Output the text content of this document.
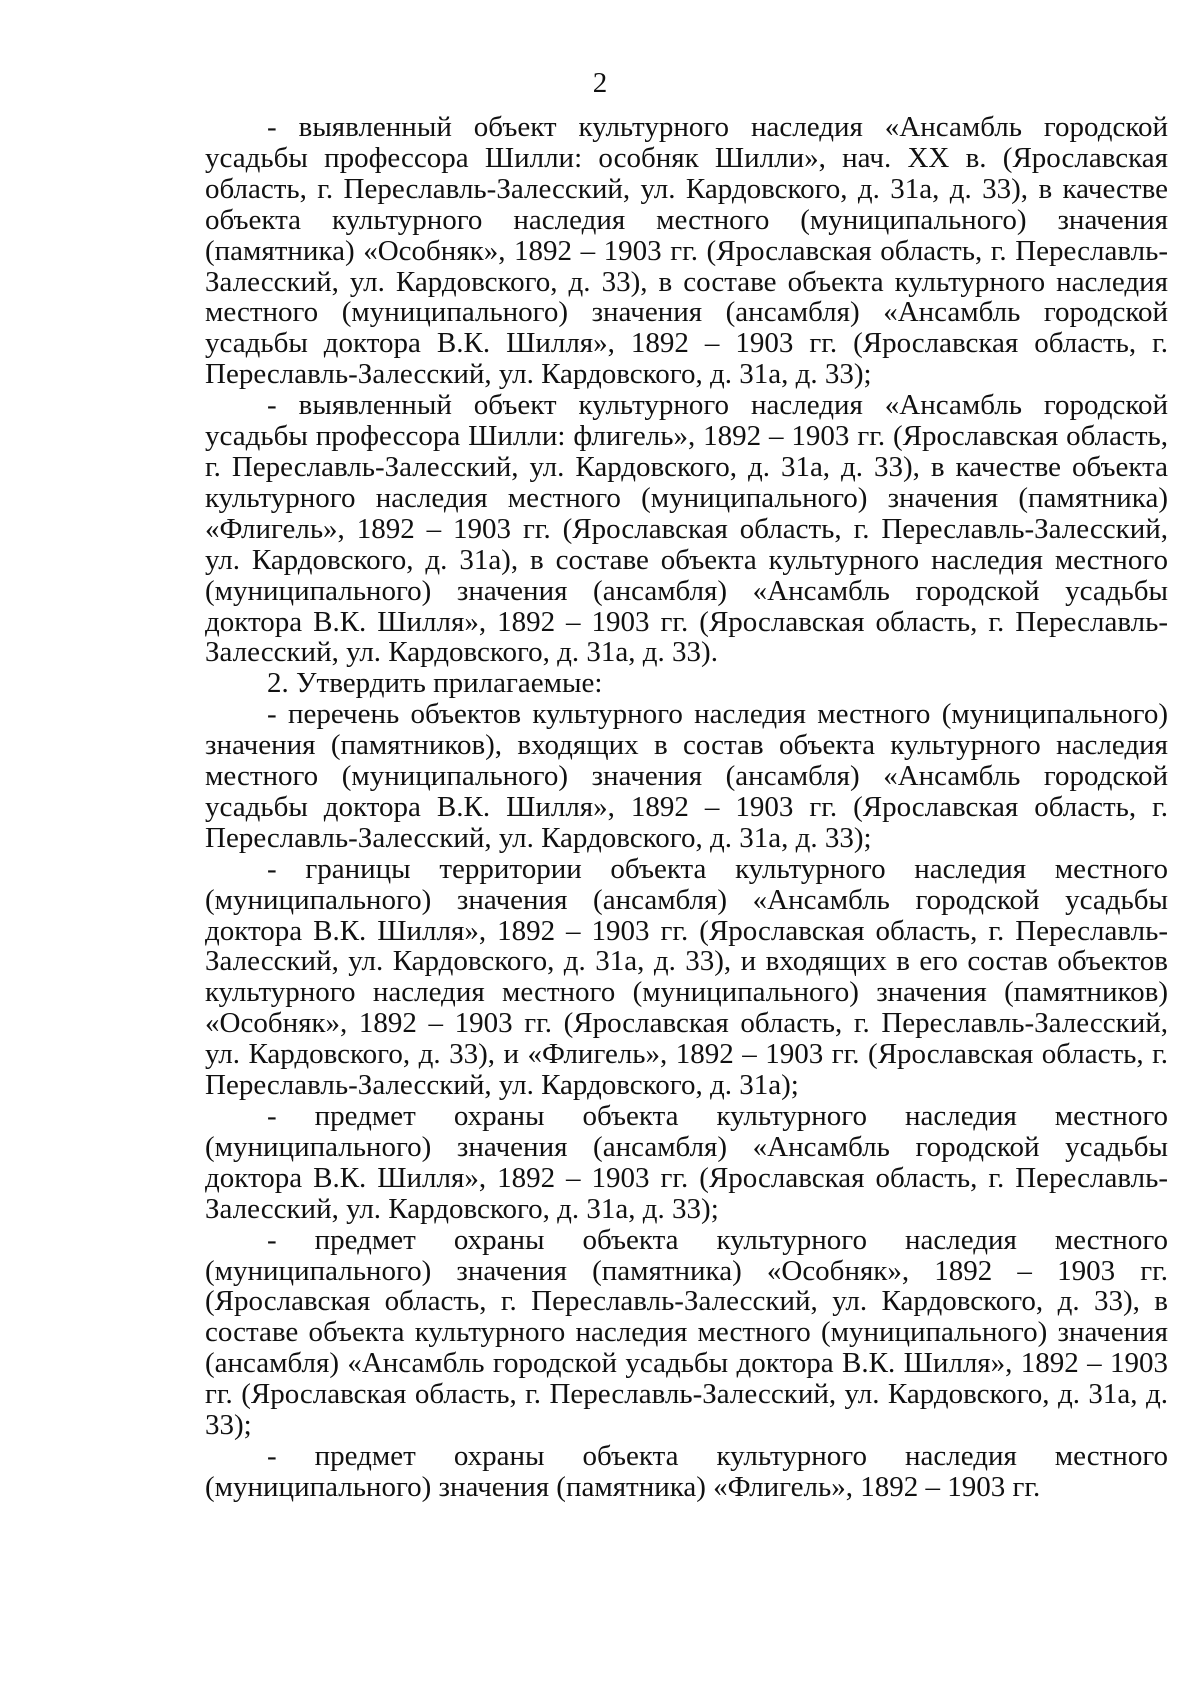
2

- выявленный объект культурного наследия «Ансамбль городской усадьбы профессора Шилли: особняк Шилли», нач. XX в. (Ярославская область, г. Переславль-Залесский, ул. Кардовского, д. 31а, д. 33), в качестве объекта культурного наследия местного (муниципального) значения (памятника) «Особняк», 1892 – 1903 гг. (Ярославская область, г. Переславль-Залесский, ул. Кардовского, д. 33), в составе объекта культурного наследия местного (муниципального) значения (ансамбля) «Ансамбль городской усадьбы доктора В.К. Шилля», 1892 – 1903 гг. (Ярославская область, г. Переславль-Залесский, ул. Кардовского, д. 31а, д. 33);

- выявленный объект культурного наследия «Ансамбль городской усадьбы профессора Шилли: флигель», 1892 – 1903 гг. (Ярославская область, г. Переславль-Залесский, ул. Кардовского, д. 31а, д. 33), в качестве объекта культурного наследия местного (муниципального) значения (памятника) «Флигель», 1892 – 1903 гг. (Ярославская область, г. Переславль-Залесский, ул. Кардовского, д. 31а), в составе объекта культурного наследия местного (муниципального) значения (ансамбля) «Ансамбль городской усадьбы доктора В.К. Шилля», 1892 – 1903 гг. (Ярославская область, г. Переславль-Залесский, ул. Кардовского, д. 31а, д. 33).

2. Утвердить прилагаемые:

- перечень объектов культурного наследия местного (муниципального) значения (памятников), входящих в состав объекта культурного наследия местного (муниципального) значения (ансамбля) «Ансамбль городской усадьбы доктора В.К. Шилля», 1892 – 1903 гг. (Ярославская область, г. Переславль-Залесский, ул. Кардовского, д. 31а, д. 33);

- границы территории объекта культурного наследия местного (муниципального) значения (ансамбля) «Ансамбль городской усадьбы доктора В.К. Шилля», 1892 – 1903 гг. (Ярославская область, г. Переславль-Залесский, ул. Кардовского, д. 31а, д. 33), и входящих в его состав объектов культурного наследия местного (муниципального) значения (памятников) «Особняк», 1892 – 1903 гг. (Ярославская область, г. Переславль-Залесский, ул. Кардовского, д. 33), и «Флигель», 1892 – 1903 гг. (Ярославская область, г. Переславль-Залесский, ул. Кардовского, д. 31а);

- предмет охраны объекта культурного наследия местного (муниципального) значения (ансамбля) «Ансамбль городской усадьбы доктора В.К. Шилля», 1892 – 1903 гг. (Ярославская область, г. Переславль-Залесский, ул. Кардовского, д. 31а, д. 33);

- предмет охраны объекта культурного наследия местного (муниципального) значения (памятника) «Особняк», 1892 – 1903 гг. (Ярославская область, г. Переславль-Залесский, ул. Кардовского, д. 33), в составе объекта культурного наследия местного (муниципального) значения (ансамбля) «Ансамбль городской усадьбы доктора В.К. Шилля», 1892 – 1903 гг. (Ярославская область, г. Переславль-Залесский, ул. Кардовского, д. 31а, д. 33);

- предмет охраны объекта культурного наследия местного (муниципального) значения (памятника) «Флигель», 1892 – 1903 гг.
